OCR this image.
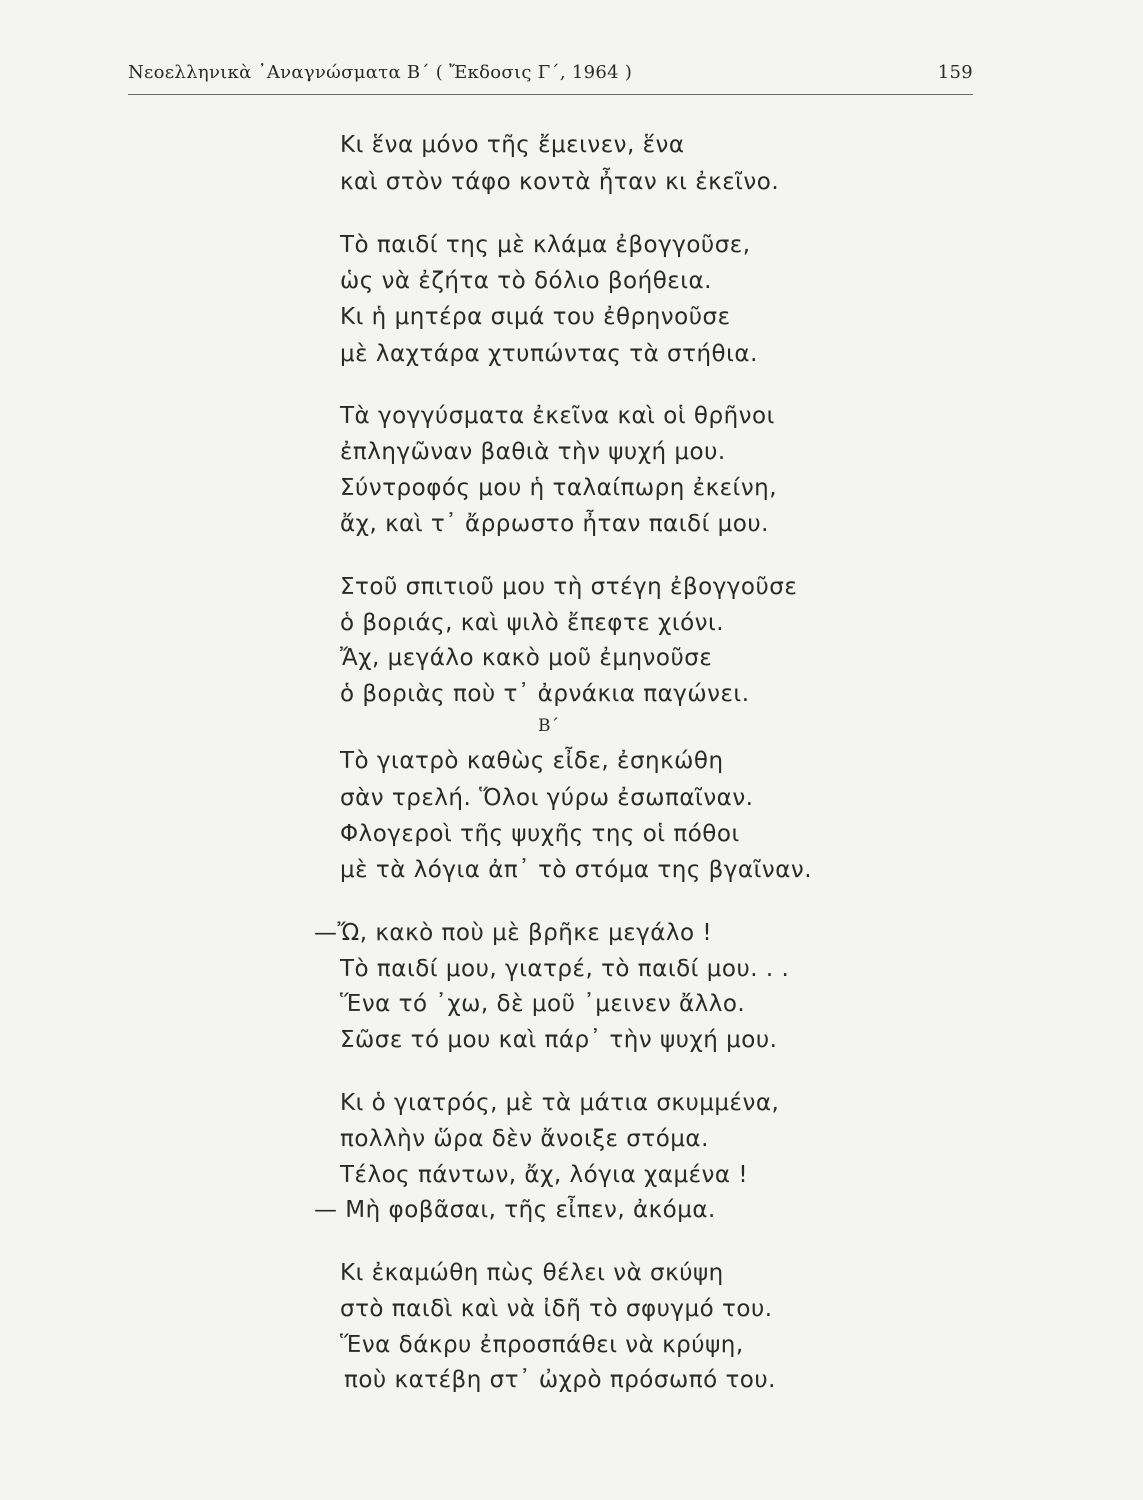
Νεοελληνικὰ ᾿Αναγνώσματα Β΄ ( Ἔκδοσις Γ΄, 1964 )	159
Κι ἕνα μόνο τῆς ἔμεινεν, ἕνα
καὶ στὸν τάφο κοντὰ ἦταν κι ἐκεῖνο.
Τὸ παιδί της μὲ κλάμα ἐβογγοῦσε,
ὡς νὰ ἐζήτα τὸ δόλιο βοήθεια.
Κι ἡ μητέρα σιμά του ἐθρηνοῦσε
μὲ λαχτάρα χτυπώντας τὰ στήθια.
Τὰ γογγύσματα ἐκεῖνα καὶ οἱ θρῆνοι
ἐπληγῶναν βαθιὰ τὴν ψυχή μου.
Σύντροφός μου ἡ ταλαίπωρη ἐκείνη,
ἄχ, καὶ τ᾿ ἄρρωστο ἦταν παιδί μου.
Στοῦ σπιτιοῦ μου τὴ στέγη ἐβογγοῦσε
ὁ βοριάς, καὶ ψιλὸ ἔπεφτε χιόνι.
Ἄχ, μεγάλο κακὸ μοῦ ἐμηνοῦσε
ὁ βοριὰς ποὺ τ᾿ ἀρνάκια παγώνει.
Β΄
Τὸ γιατρὸ καθὼς εἶδε, ἐσηκώθη
σὰν τρελή. Ὅλοι γύρω ἐσωπαῖναν.
Φλογεροὶ τῆς ψυχῆς της οἱ πόθοι
μὲ τὰ λόγια ἀπ᾿ τὸ στόμα της βγαῖναν.
—Ὤ, κακὸ ποὺ μὲ βρῆκε μεγάλο !
Τὸ παιδί μου, γιατρέ, τὸ παιδί μου. . .
Ἕνα τό ᾿χω, δὲ μοῦ ᾿μεινεν ἄλλο.
Σῶσε τό μου καὶ πάρ᾿ τὴν ψυχή μου.
Κι ὁ γιατρός, μὲ τὰ μάτια σκυμμένα,
πολλὴν ὥρα δὲν ἄνοιξε στόμα.
Τέλος πάντων, ἄχ, λόγια χαμένα !
— Μὴ φοβᾶσαι, τῆς εἶπεν, ἀκόμα.
Κι ἐκαμώθη πὼς θέλει νὰ σκύψη
στὸ παιδὶ καὶ νὰ ἰδῆ τὸ σφυγμό του.
Ἕνα δάκρυ ἐπροσπάθει νὰ κρύψη,
ποὺ κατέβη στ᾿ ὠχρὸ πρόσωπό του.
